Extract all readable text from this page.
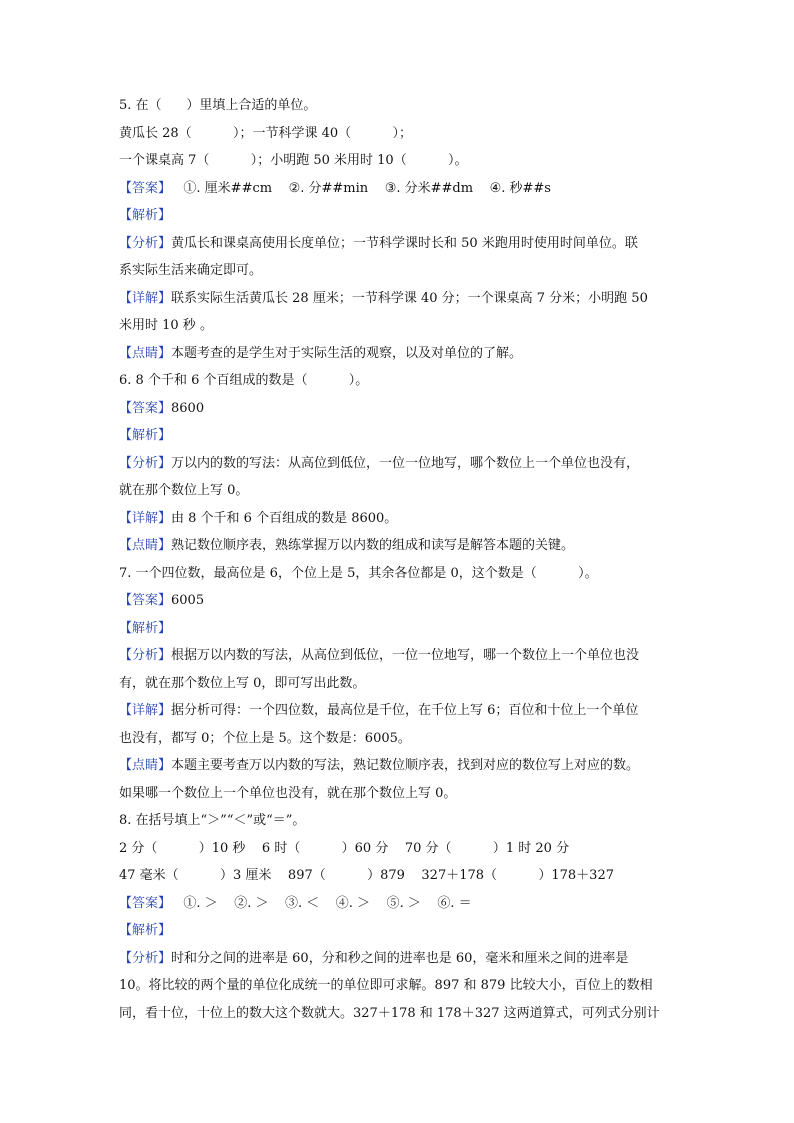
5. 在（      ）里填上合适的单位。
黄瓜长 28（          ）；一节科学课 40（          ）；
一个课桌高 7（          ）；小明跑 50 米用时 10（          ）。
【答案】   ①. 厘米##cm    ②. 分##min    ③. 分米##dm    ④. 秒##s
【解析】
【分析】黄瓜长和课桌高使用长度单位；一节科学课时长和 50 米跑用时使用时间单位。联
系实际生活来确定即可。
【详解】联系实际生活黄瓜长 28 厘米；一节科学课 40 分；一个课桌高 7 分米；小明跑 50
米用时 10 秒 。
【点睛】本题考查的是学生对于实际生活的观察，以及对单位的了解。
6. 8 个千和 6 个百组成的数是（          ）。
【答案】8600
【解析】
【分析】万以内的数的写法：从高位到低位，一位一位地写，哪个数位上一个单位也没有，
就在那个数位上写 0。
【详解】由 8 个千和 6 个百组成的数是 8600。
【点睛】熟记数位顺序表，熟练掌握万以内数的组成和读写是解答本题的关键。
7. 一个四位数，最高位是 6，个位上是 5，其余各位都是 0，这个数是（          ）。
【答案】6005
【解析】
【分析】根据万以内数的写法，从高位到低位，一位一位地写，哪一个数位上一个单位也没
有，就在那个数位上写 0，即可写出此数。
【详解】据分析可得：一个四位数，最高位是千位，在千位上写 6；百位和十位上一个单位
也没有，都写 0；个位上是 5。这个数是：6005。
【点睛】本题主要考查万以内数的写法，熟记数位顺序表，找到对应的数位写上对应的数。
如果哪一个数位上一个单位也没有，就在那个数位上写 0。
8. 在括号填上“＞”“＜”或“＝”。
2 分（          ）10 秒    6 时（          ）60 分    70 分（          ）1 时 20 分
47 毫米（          ）3 厘米    897（          ）879    327＋178（          ）178＋327
【答案】   ①. ＞    ②. ＞    ③. ＜    ④. ＞    ⑤. ＞    ⑥. ＝
【解析】
【分析】时和分之间的进率是 60，分和秒之间的进率也是 60，毫米和厘米之间的进率是
10。将比较的两个量的单位化成统一的单位即可求解。897 和 879 比较大小，百位上的数相
同，看十位，十位上的数大这个数就大。327＋178 和 178＋327 这两道算式，可列式分别计
